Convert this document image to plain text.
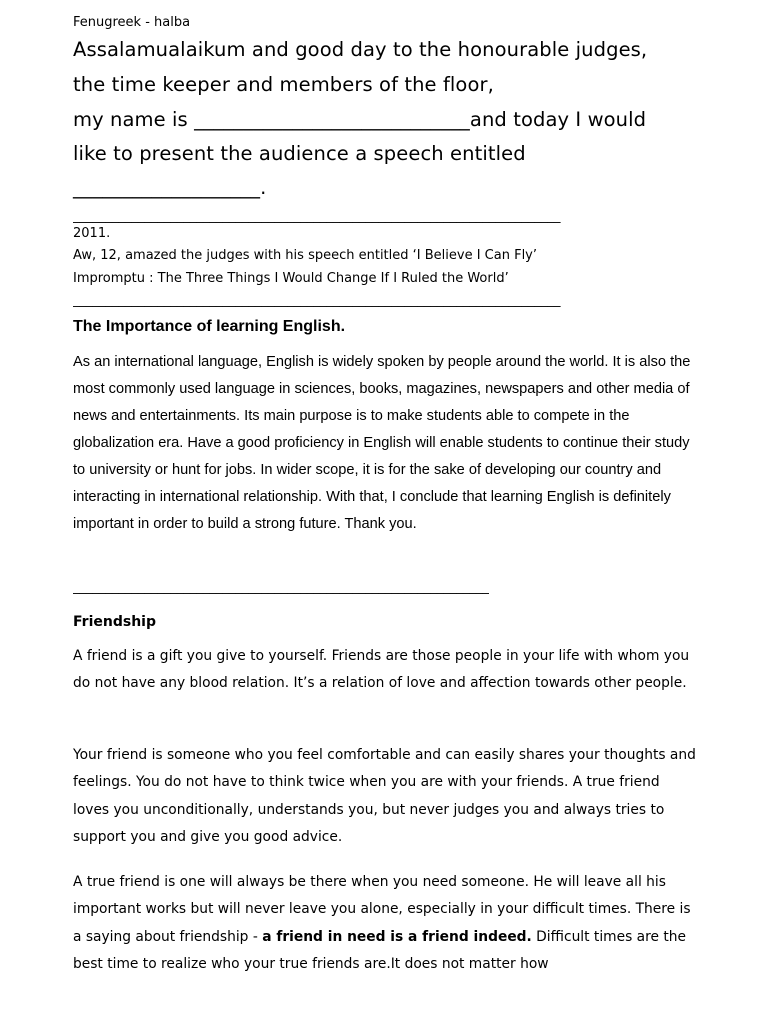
Fenugreek - halba
Assalamualaikum and good day to the honourable judges,
the time keeper and members of the floor,
my name is ____________________________and today I would
like to present the audience a speech entitled
___________________.
___________________________________________________________________________
2011.
Aw, 12, amazed the judges with his speech entitled ‘I Believe I Can Fly’
Impromptu : The Three Things I Would Change If I Ruled the World’
___________________________________________________________________________
The Importance of learning English.
As an international language, English is widely spoken by people around the world. It is also the most commonly used language in sciences, books, magazines, newspapers and other media of news and entertainments. Its main purpose is to make students able to compete in the globalization era. Have a good proficiency in English will enable students to continue their study to university or hunt for jobs. In wider scope, it is for the sake of developing our country and interacting in international relationship. With that, I conclude that learning English is definitely important in order to build a strong future. Thank you.
________________________________________________________________
Friendship
A friend is a gift you give to yourself. Friends are those people in your life with whom you do not have any blood relation. It’s a relation of love and affection towards other people.
Your friend is someone who you feel comfortable and can easily shares your thoughts and feelings. You do not have to think twice when you are with your friends. A true friend loves you unconditionally, understands you, but never judges you and always tries to support you and give you good advice.
A true friend is one will always be there when you need someone. He will leave all his important works but will never leave you alone, especially in your difficult times. There is a saying about friendship - a friend in need is a friend indeed. Difficult times are the best time to realize who your true friends are.It does not matter how
